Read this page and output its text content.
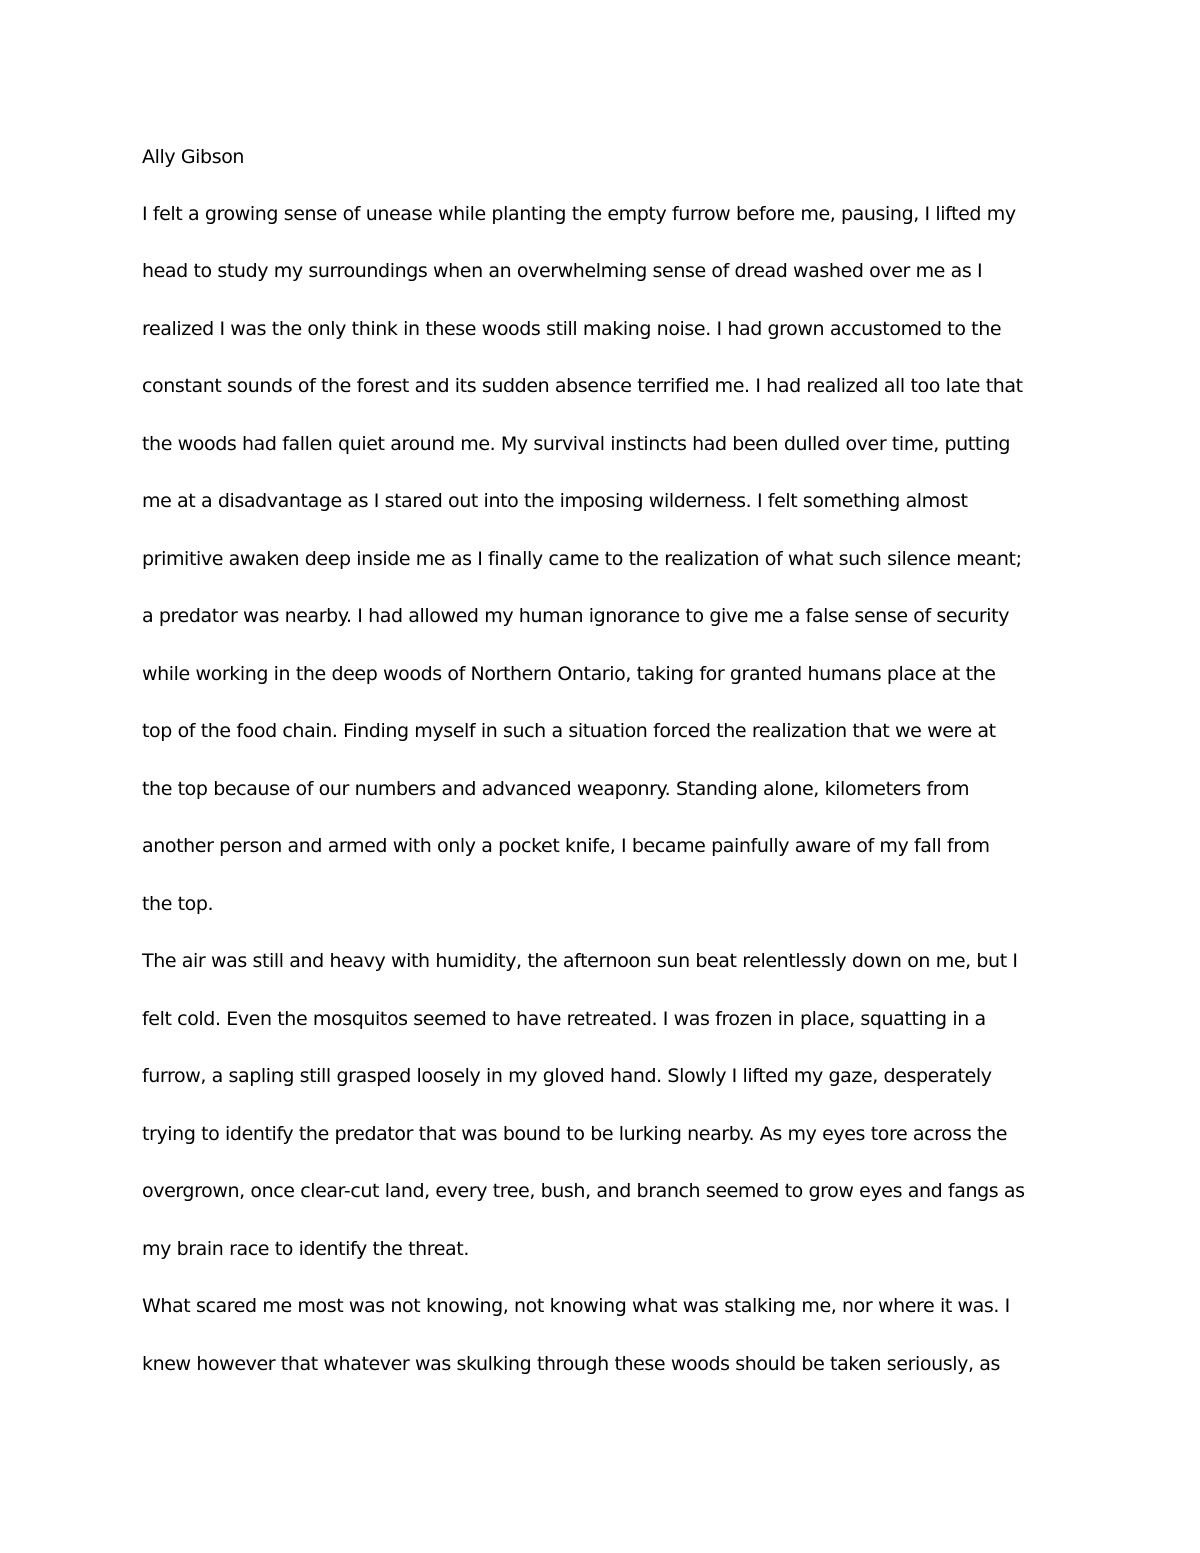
Ally Gibson
I felt a growing sense of unease while planting the empty furrow before me, pausing, I lifted my
head to study my surroundings when an overwhelming sense of dread washed over me as I
realized I was the only think in these woods still making noise. I had grown accustomed to the
constant sounds of the forest and its sudden absence terrified me. I had realized all too late that
the woods had fallen quiet around me. My survival instincts had been dulled over time, putting
me at a disadvantage as I stared out into the imposing wilderness. I felt something almost
primitive awaken deep inside me as I finally came to the realization of what such silence meant;
a predator was nearby. I had allowed my human ignorance to give me a false sense of security
while working in the deep woods of Northern Ontario, taking for granted humans place at the
top of the food chain. Finding myself in such a situation forced the realization that we were at
the top because of our numbers and advanced weaponry. Standing alone, kilometers from
another person and armed with only a pocket knife, I became painfully aware of my fall from
the top.
The air was still and heavy with humidity, the afternoon sun beat relentlessly down on me, but I
felt cold. Even the mosquitos seemed to have retreated. I was frozen in place, squatting in a
furrow, a sapling still grasped loosely in my gloved hand. Slowly I lifted my gaze, desperately
trying to identify the predator that was bound to be lurking nearby. As my eyes tore across the
overgrown, once clear-cut land, every tree, bush, and branch seemed to grow eyes and fangs as
my brain race to identify the threat.
What scared me most was not knowing, not knowing what was stalking me, nor where it was. I
knew however that whatever was skulking through these woods should be taken seriously, as
